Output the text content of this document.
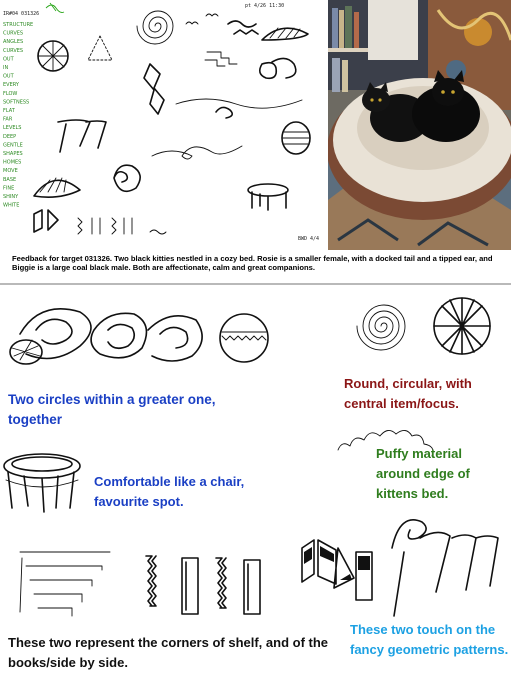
IR#04 031326
pt 4/26 11:30
STRUCTURE
CURVES
ANGLES
CURVES
OUT
IN
OUT
EVERY
FLOW
SOFTNESS
FLAT
FAR
LEVELS
DEEP
GENTLE
SHAPES
HOMES
MOVE
BASE
FINE
SHINY
WHITE
BWD 4/4
Feedback for target 031326. Two black kitties nestled in a cozy bed. Rosie is a smaller female, with a docked tail and a tipped ear, and Biggie is a large coal black male. Both are affectionate, calm and great companions.
Two circles within a greater one, together
Round, circular, with central item/focus.
Puffy material around edge of kittens bed.
Comfortable like a chair, favourite spot.
These two represent the corners of shelf, and of the books/side by side.
These two touch on the fancy geometric patterns.
